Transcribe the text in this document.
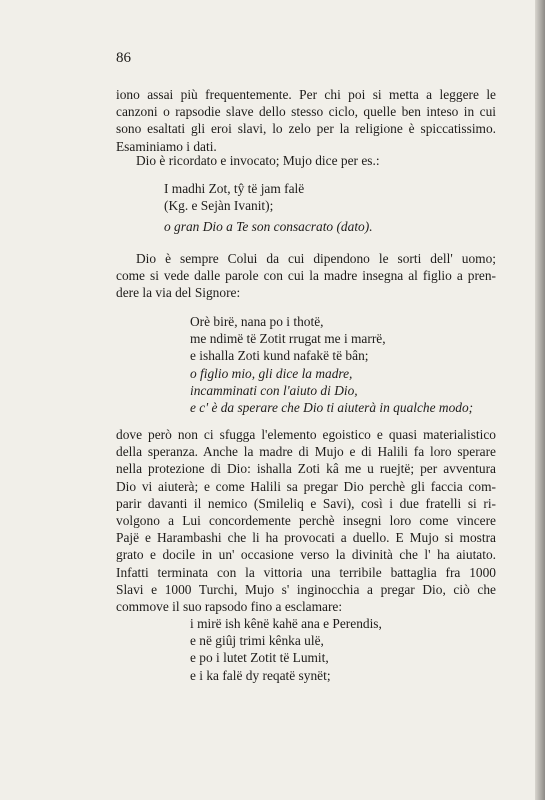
86
iono assai più frequentemente. Per chi poi si metta a leggere le
canzoni o rapsodie slave dello stesso ciclo, quelle ben inteso in cui
sono esaltati gli eroi slavi, lo zelo per la religione è spiccatissimo.
Esaminiamo i dati.
Dio è ricordato e invocato; Mujo dice per es.:
I madhi Zot, tŷ të jam falë
(Kg. e Sejàn Ivanit);
o gran Dio a Te son consacrato (dato).
Dio è sempre Colui da cui dipendono le sorti dell' uomo;
come si vede dalle parole con cui la madre insegna al figlio a pren-
dere la via del Signore:
Orè birë, nana po i thotë,
me ndimë të Zotit rrugat me i marrë,
e ishalla Zoti kund nafakë të bân;
o figlio mio, gli dice la madre,
incamminati con l'aiuto di Dio,
e c' è da sperare che Dio ti aiuterà in qualche modo;
dove però non ci sfugga l'elemento egoistico e quasi materialistico
della speranza. Anche la madre di Mujo e di Halili fa loro sperare
nella protezione di Dio: ishalla Zoti kâ me u ruejtë; per avventura
Dio vi aiuterà; e come Halili sa pregar Dio perchè gli faccia com-
parir davanti il nemico (Smileliq e Savi), così i due fratelli si ri-
volgono a Lui concordemente perchè insegni loro come vincere
Pajë e Harambashi che li ha provocati a duello. E Mujo si mostra
grato e docile in un' occasione verso la divinità che l' ha aiutato.
Infatti terminata con la vittoria una terribile battaglia fra 1000
Slavi e 1000 Turchi, Mujo s' inginocchia a pregar Dio, ciò che
commove il suo rapsodo fino a esclamare:
i mirë ish kênë kahë ana e Perendis,
e në giûj trimi kênka ulë,
e po i lutet Zotit të Lumit,
e i ka falë dy reqatë synët;
